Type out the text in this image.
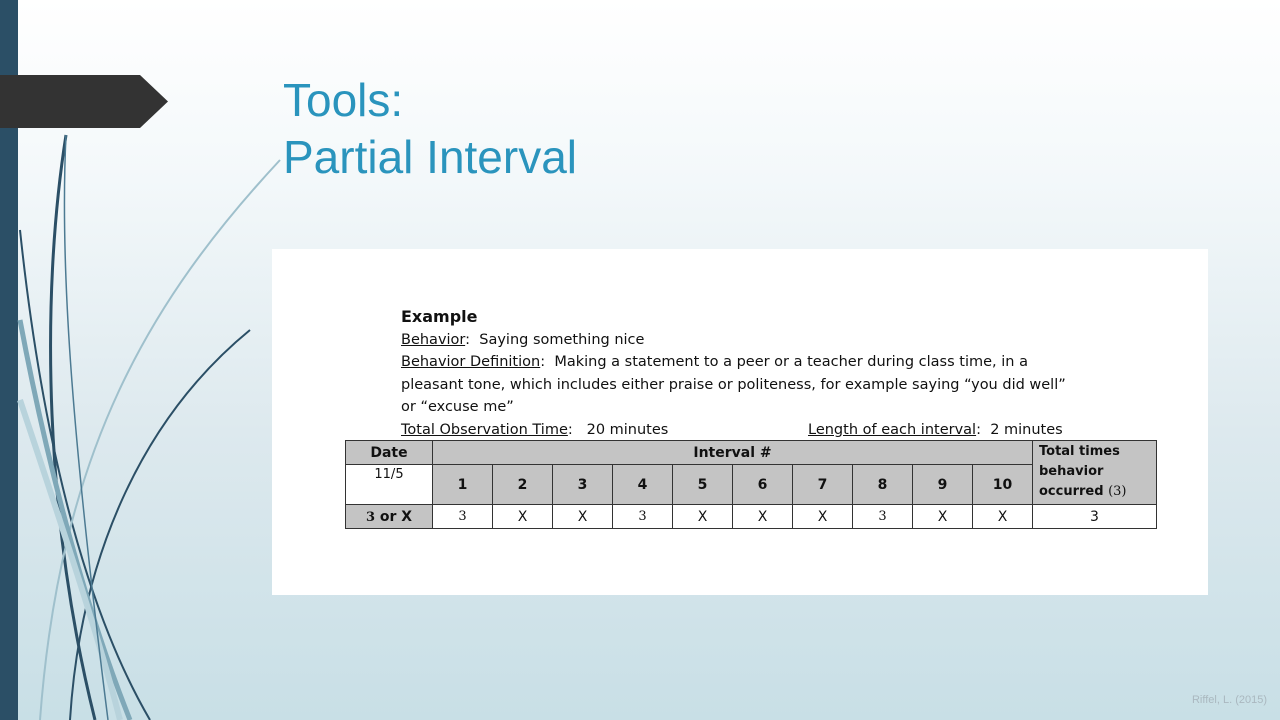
Tools:
Partial Interval
Example
Behavior:  Saying something nice
Behavior Definition:  Making a statement to a peer or a teacher during class time, in a
pleasant tone, which includes either praise or politeness, for example saying “you did well”
or “excuse me”
Total Observation Time:   20 minutes	Length of each interval:  2 minutes
Date	Interval #										Total times
behavior
occurred (3)
11/5	1	2	3	4	5	6	7	8	9	10	
3 or X	3	X	X	3	X	X	X	3	X	X	3
Riffel, L. (2015)
